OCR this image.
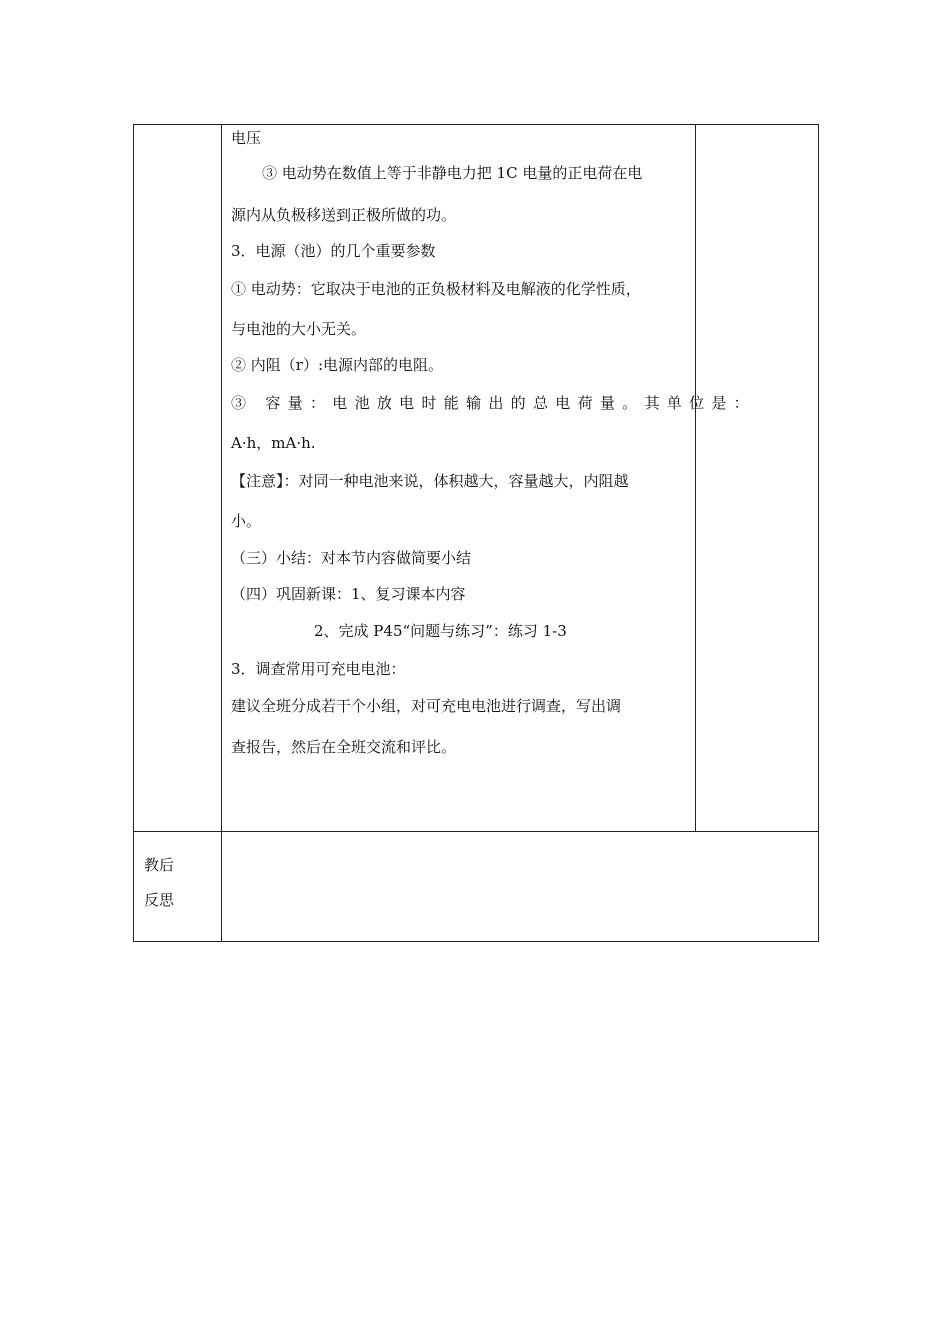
电压
③ 电动势在数值上等于非静电力把 1C 电量的正电荷在电
源内从负极移送到正极所做的功。
3．电源（池）的几个重要参数
① 电动势：它取决于电池的正负极材料及电解液的化学性质，
与电池的大小无关。
② 内阻（r）:电源内部的电阻。
③ 容量：电池放电时能输出的总电荷量。其单位是：
A·h，mA·h.
【注意】：对同一种电池来说，体积越大，容量越大，内阻越
小。
（三）小结：对本节内容做简要小结
（四）巩固新课：1、复习课本内容
2、完成 P45“问题与练习”：练习 1-3
3．调查常用可充电电池：
建议全班分成若干个小组，对可充电电池进行调查，写出调
查报告，然后在全班交流和评比。
教后
反思
